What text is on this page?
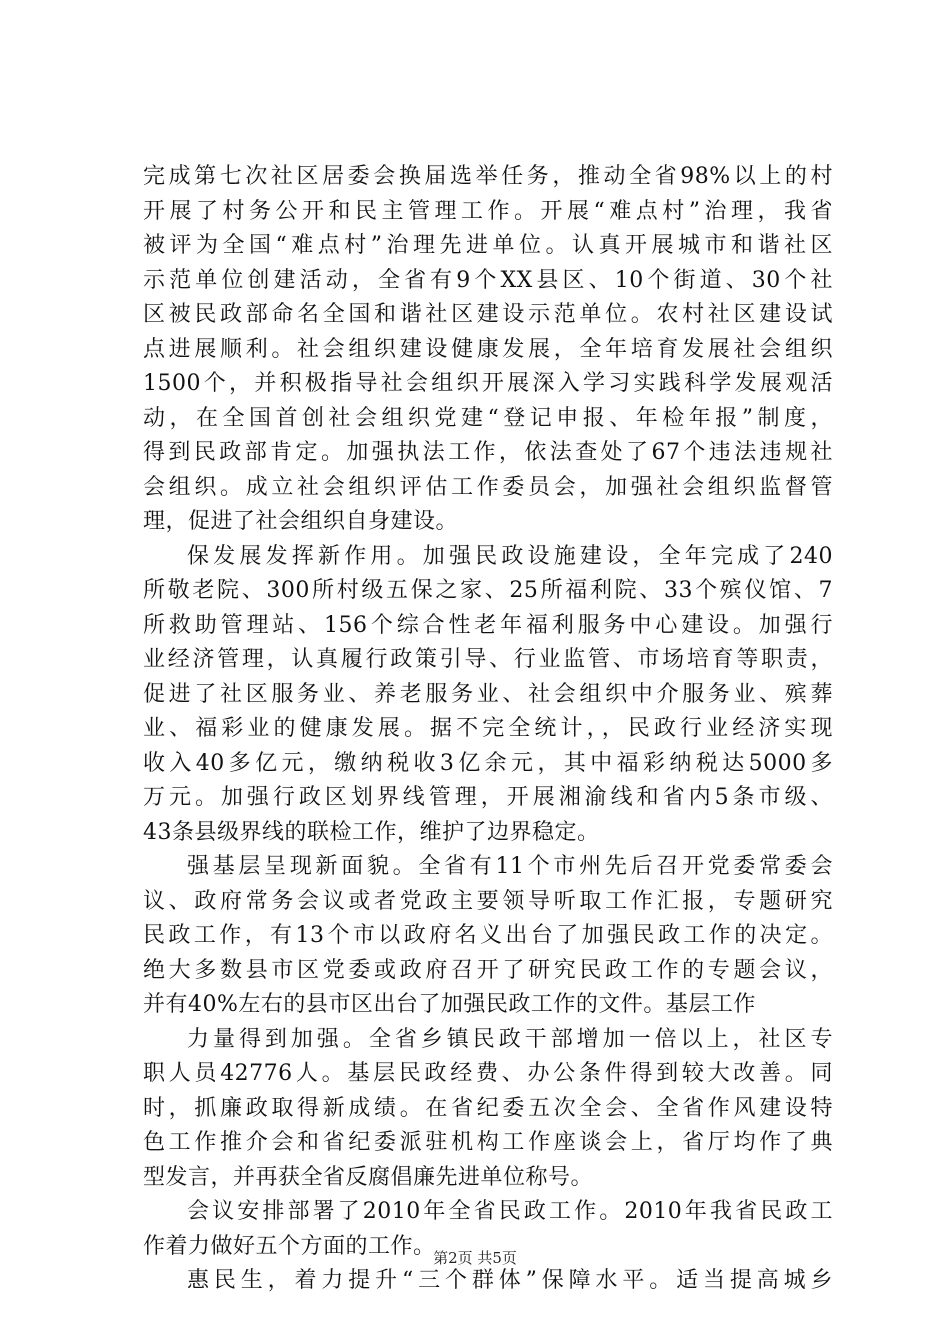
完成第七次社区居委会换届选举任务，推动全省98%以上的村
开展了村务公开和民主管理工作。开展“难点村”治理，我省
被评为全国“难点村”治理先进单位。认真开展城市和谐社区
示范单位创建活动，全省有9个XX县区、10个街道、30个社
区被民政部命名全国和谐社区建设示范单位。农村社区建设试
点进展顺利。社会组织建设健康发展，全年培育发展社会组织
1500个，并积极指导社会组织开展深入学习实践科学发展观活
动，在全国首创社会组织党建“登记申报、年检年报”制度，
得到民政部肯定。加强执法工作，依法查处了67个违法违规社
会组织。成立社会组织评估工作委员会，加强社会组织监督管
理，促进了社会组织自身建设。
保发展发挥新作用。加强民政设施建设，全年完成了240
所敬老院、300所村级五保之家、25所福利院、33个殡仪馆、7
所救助管理站、156个综合性老年福利服务中心建设。加强行
业经济管理，认真履行政策引导、行业监管、市场培育等职责，
促进了社区服务业、养老服务业、社会组织中介服务业、殡葬
业、福彩业的健康发展。据不完全统计，，民政行业经济实现
收入40多亿元，缴纳税收3亿余元，其中福彩纳税达5000多
万元。加强行政区划界线管理，开展湘渝线和省内5条市级、
43条县级界线的联检工作，维护了边界稳定。
强基层呈现新面貌。全省有11个市州先后召开党委常委会
议、政府常务会议或者党政主要领导听取工作汇报，专题研究
民政工作，有13个市以政府名义出台了加强民政工作的决定。
绝大多数县市区党委或政府召开了研究民政工作的专题会议，
并有40%左右的县市区出台了加强民政工作的文件。基层工作
力量得到加强。全省乡镇民政干部增加一倍以上，社区专
职人员42776人。基层民政经费、办公条件得到较大改善。同
时，抓廉政取得新成绩。在省纪委五次全会、全省作风建设特
色工作推介会和省纪委派驻机构工作座谈会上，省厅均作了典
型发言，并再获全省反腐倡廉先进单位称号。
会议安排部署了2010年全省民政工作。2010年我省民政工
作着力做好五个方面的工作。
惠民生，着力提升“三个群体”保障水平。适当提高城乡
第2页 共5页
